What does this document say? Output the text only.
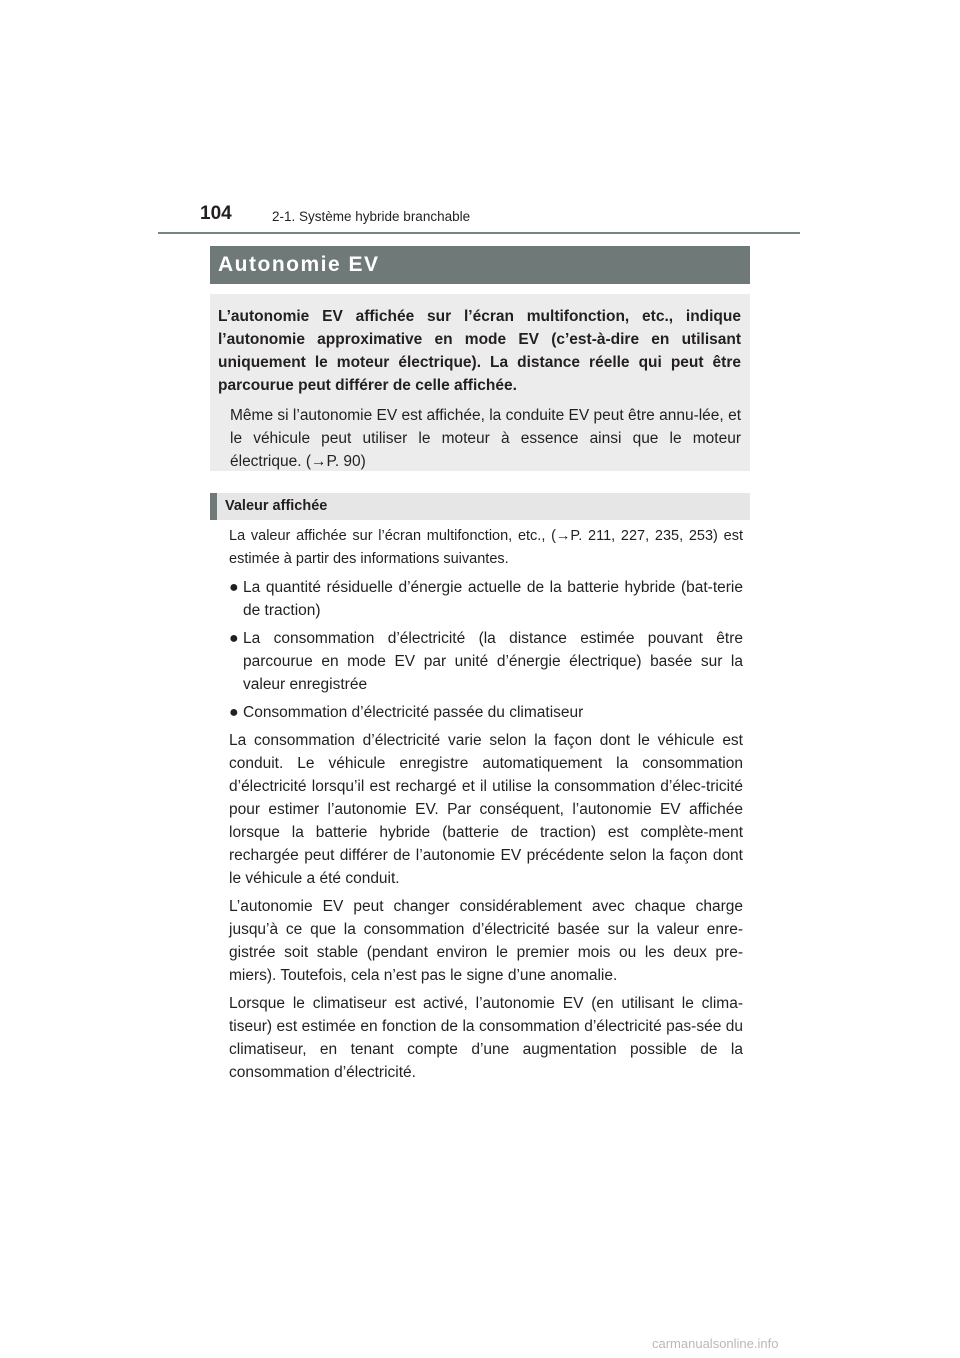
104	2-1. Système hybride branchable
Autonomie EV

L’autonomie EV affichée sur l’écran multifonction, etc., indique l’autonomie approximative en mode EV (c’est-à-dire en utilisant uniquement le moteur électrique). La distance réelle qui peut être parcourue peut différer de celle affichée.

Même si l’autonomie EV est affichée, la conduite EV peut être annu-lée, et le véhicule peut utiliser le moteur à essence ainsi que le moteur électrique. (→P. 90)

Valeur affichée

La valeur affichée sur l’écran multifonction, etc., (→P. 211, 227, 235, 253) est estimée à partir des informations suivantes.

● La quantité résiduelle d’énergie actuelle de la batterie hybride (bat-terie de traction)
● La consommation d’électricité (la distance estimée pouvant être parcourue en mode EV par unité d’énergie électrique) basée sur la valeur enregistrée
● Consommation d’électricité passée du climatiseur

La consommation d’électricité varie selon la façon dont le véhicule est conduit. Le véhicule enregistre automatiquement la consommation d’électricité lorsqu’il est rechargé et il utilise la consommation d’élec-tricité pour estimer l’autonomie EV. Par conséquent, l’autonomie EV affichée lorsque la batterie hybride (batterie de traction) est complète-ment rechargée peut différer de l’autonomie EV précédente selon la façon dont le véhicule a été conduit.

L’autonomie EV peut changer considérablement avec chaque charge jusqu’à ce que la consommation d’électricité basée sur la valeur enre-gistrée soit stable (pendant environ le premier mois ou les deux pre-miers). Toutefois, cela n’est pas le signe d’une anomalie.

Lorsque le climatiseur est activé, l’autonomie EV (en utilisant le clima-tiseur) est estimée en fonction de la consommation d’électricité pas-sée du climatiseur, en tenant compte d’une augmentation possible de la consommation d’électricité.

carmanualsonline.info
